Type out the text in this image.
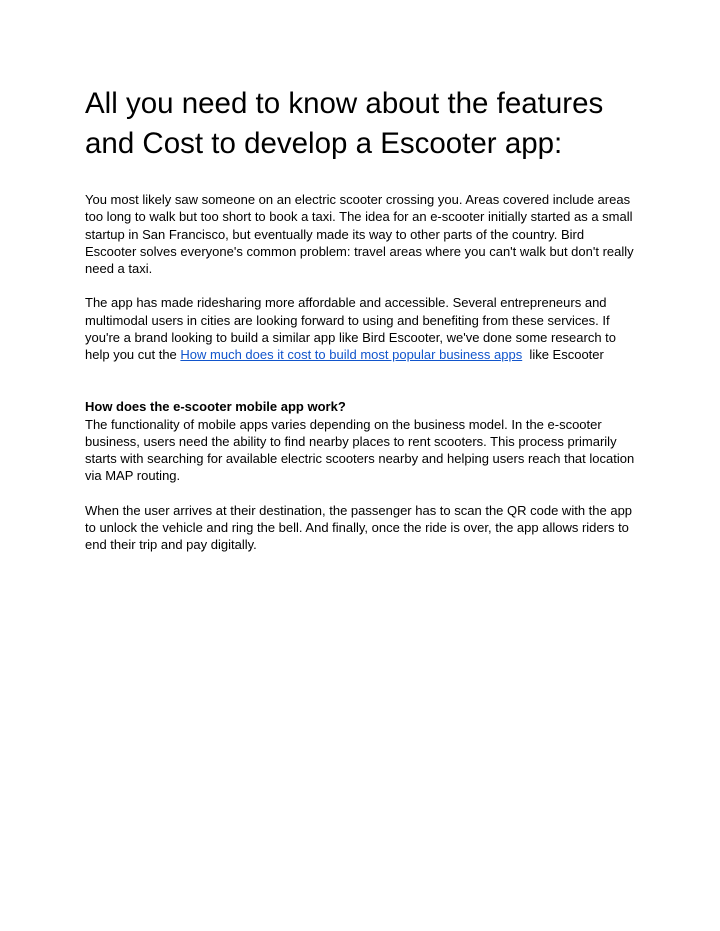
All you need to know about the features
and Cost to develop a Escooter app:
You most likely saw someone on an electric scooter crossing you. Areas covered include areas
too long to walk but too short to book a taxi. The idea for an e-scooter initially started as a small
startup in San Francisco, but eventually made its way to other parts of the country. Bird
Escooter solves everyone's common problem: travel areas where you can't walk but don't really
need a taxi.
The app has made ridesharing more affordable and accessible. Several entrepreneurs and
multimodal users in cities are looking forward to using and benefiting from these services. If
you're a brand looking to build a similar app like Bird Escooter, we've done some research to
help you cut the How much does it cost to build most popular business apps  like Escooter
How does the e-scooter mobile app work?
The functionality of mobile apps varies depending on the business model. In the e-scooter
business, users need the ability to find nearby places to rent scooters. This process primarily
starts with searching for available electric scooters nearby and helping users reach that location
via MAP routing.
When the user arrives at their destination, the passenger has to scan the QR code with the app
to unlock the vehicle and ring the bell. And finally, once the ride is over, the app allows riders to
end their trip and pay digitally.
